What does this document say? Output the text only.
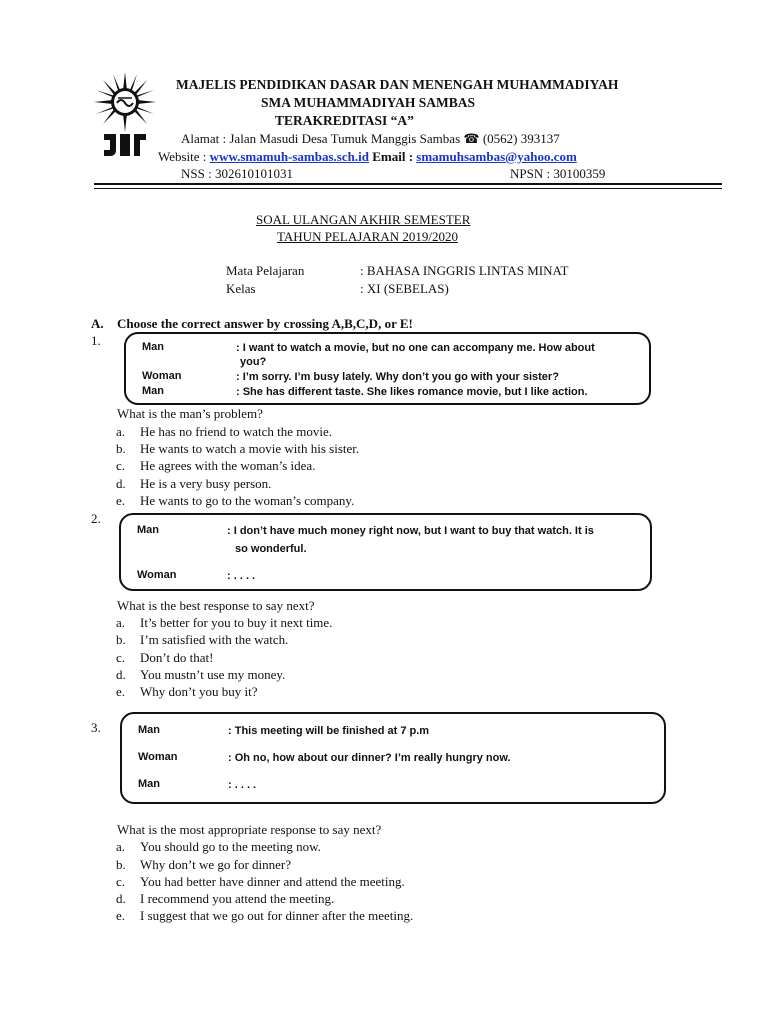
MAJELIS PENDIDIKAN DASAR DAN MENENGAH MUHAMMADIYAH
SMA MUHAMMADIYAH SAMBAS
TERAKREDITASI “A”
Alamat : Jalan Masudi Desa Tumuk Manggis Sambas ☎ (0562) 393137
Website : www.smamuh-sambas.sch.id Email : smamuhsambas@yahoo.com
NSS : 302610101031	NPSN : 30100359
SOAL ULANGAN AKHIR SEMESTER
TAHUN PELAJARAN 2019/2020
Mata Pelajaran	: BAHASA INGGRIS LINTAS MINAT
Kelas	: XI (SEBELAS)
A. Choose the correct answer by crossing A,B,C,D, or E!
1.	Man	: I want to watch a movie, but no one can accompany me. How about
you?
Woman	: I’m sorry. I’m busy lately. Why don’t you go with your sister?
Man	: She has different taste. She likes romance movie, but I like action.
What is the man’s problem?
a. He has no friend to watch the movie.
b. He wants to watch a movie with his sister.
c. He agrees with the woman’s idea.
d. He is a very busy person.
e. He wants to go to the woman’s company.
2.
Man	: I don’t have much money right now, but I want to buy that watch. It is
so wonderful.
Woman	: . . . .
What is the best response to say next?
a. It’s better for you to buy it next time.
b. I’m satisfied with the watch.
c. Don’t do that!
d. You mustn’t use my money.
e. Why don’t you buy it?
3.	Man	: This meeting will be finished at 7 p.m
Woman	: Oh no, how about our dinner? I’m really hungry now.
Man	: . . . .
What is the most appropriate response to say next?
a. You should go to the meeting now.
b. Why don’t we go for dinner?
c. You had better have dinner and attend the meeting.
d. I recommend you attend the meeting.
e. I suggest that we go out for dinner after the meeting.
